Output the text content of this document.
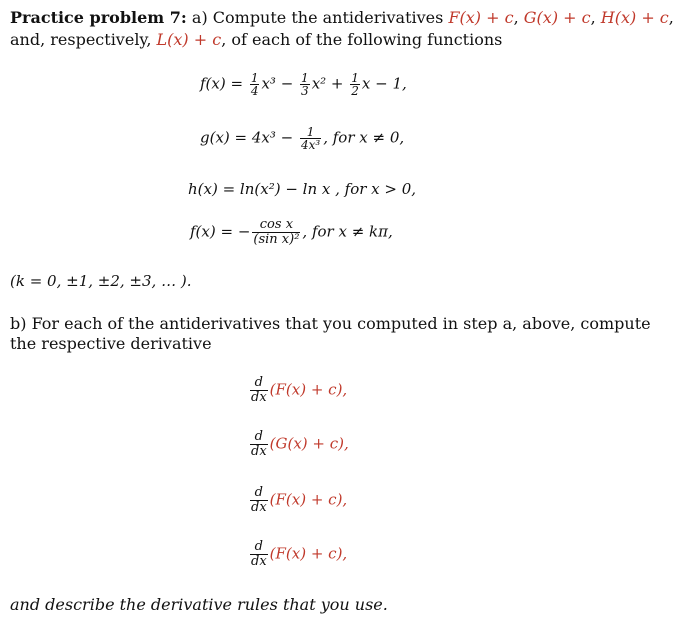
Practice problem 7: a) Compute the antiderivatives F(x) + c, G(x) + c, H(x) + c,
and, respectively, L(x) + c, of each of the following functions
$f(x) = \frac{1}{4} x^3 - \frac{1}{3} x^2 + \frac{1}{2}$ x − 1,
$g(x) = 4x^3 - \frac{1}{\text{4x³}}$ , for x ≠ 0,
h(x) = ln(x²) − ln x , for x > 0,
f(x) = − $\frac{\text{cos x}}{\text{(sin x)²}}$ , for x ≠ kπ,
(k = 0, ±1, ±2, ±3, … ).
b) For each of the antiderivatives that you computed in step a, above, compute
the respective derivative
$\frac{d}{dx} (F(x) + c)$,
$\frac{d}{dx} (G(x) + c)$,
$\frac{d}{dx} (F(x) + c)$,
$\frac{d}{dx} (F(x) + c)$,
and describe the derivative rules that you use.
